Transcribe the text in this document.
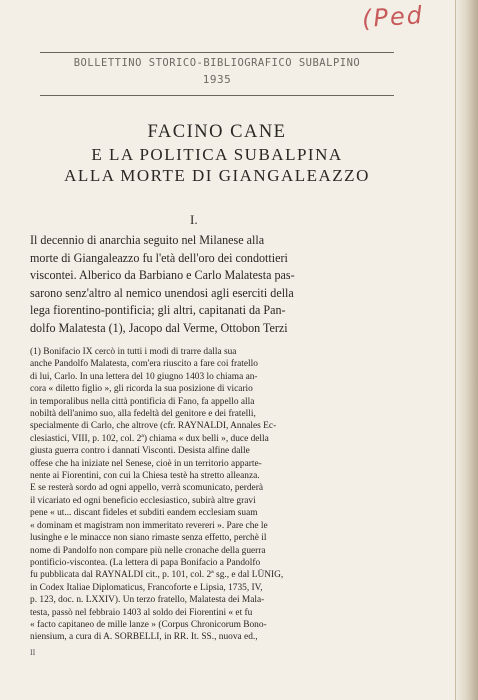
(Ped
BOLLETTINO STORICO-BIBLIOGRAFICO SUBALPINO
1935
FACINO CANE
E LA POLITICA SUBALPINA
ALLA MORTE DI GIANGALEAZZO
I.
Il decennio di anarchia seguito nel Milanese alla
morte di Giangaleazzo fu l'età dell'oro dei condottieri
viscontei. Alberico da Barbiano e Carlo Malatesta pas-
sarono senz'altro al nemico unendosi agli eserciti della
lega fiorentino-pontificia; gli altri, capitanati da Pan-
dolfo Malatesta (1), Jacopo dal Verme, Ottobon Terzi
(1) Bonifacio IX cercò in tutti i modi di trarre dalla sua
anche Pandolfo Malatesta, com'era riuscito a fare coi fratello
di lui, Carlo. In una lettera del 10 giugno 1403 lo chiama an-
cora « diletto figlio », gli ricorda la sua posizione di vicario
in temporalibus nella città pontificia di Fano, fa appello alla
nobiltà dell'animo suo, alla fedeltà del genitore e dei fratelli,
specialmente di Carlo, che altrove (cfr. RAYNALDI, Annales Ec-
clesiastici, VIII, p. 102, col. 2ª) chiama « dux belli », duce della
giusta guerra contro i dannati Visconti. Desista alfine dalle
offese che ha iniziate nel Senese, cioè in un territorio apparte-
nente ai Fiorentini, con cui la Chiesa testè ha stretto alleanza.
E se resterà sordo ad ogni appello, verrà scomunicato, perderà
il vicariato ed ogni beneficio ecclesiastico, subirà altre gravi
pene « ut... discant fideles et subditi eandem ecclesiam suam
« dominam et magistram non immeritato revereri ». Pare che le
lusinghe e le minacce non siano rimaste senza effetto, perchè il
nome di Pandolfo non compare più nelle cronache della guerra
pontificio-viscontea. (La lettera di papa Bonifacio a Pandolfo
fu pubblicata dal RAYNALDI cit., p. 101, col. 2ª sg., e dal LÜNIG,
in Codex Italiae Diplomaticus, Francoforte e Lipsia, 1735, IV,
p. 123, doc. n. LXXIV). Un terzo fratello, Malatesta dei Mala-
testa, passò nel febbraio 1403 al soldo dei Fiorentini « et fu
« facto capitaneo de mille lanze » (Corpus Chronicorum Bono-
niensium, a cura di A. SORBELLI, in RR. It. SS., nuova ed.,
II
